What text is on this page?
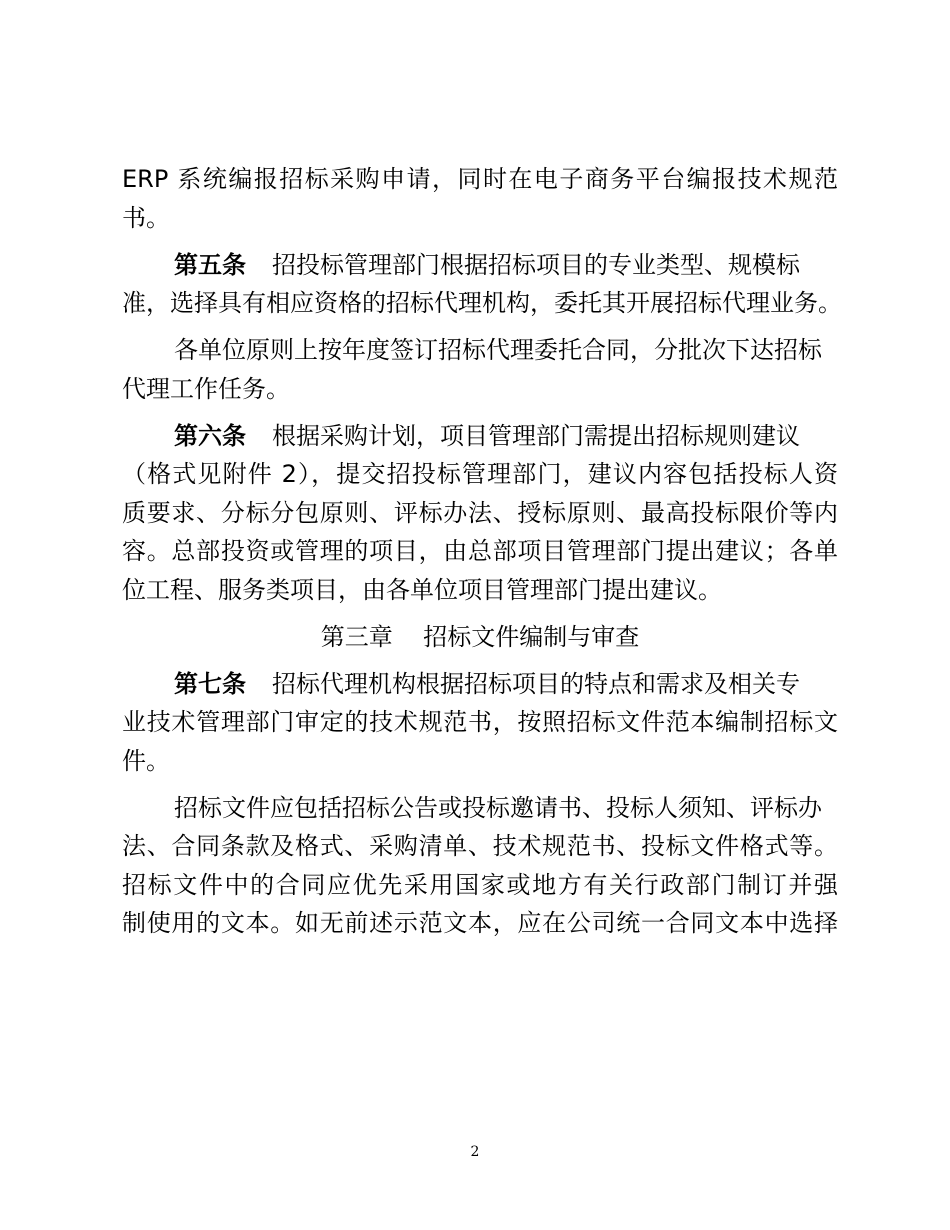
ERP 系统编报招标采购申请，同时在电子商务平台编报技术规范
书。
第五条 招投标管理部门根据招标项目的专业类型、规模标
准，选择具有相应资格的招标代理机构，委托其开展招标代理业务。
各单位原则上按年度签订招标代理委托合同，分批次下达招标
代理工作任务。
第六条 根据采购计划，项目管理部门需提出招标规则建议
（格式见附件 2），提交招投标管理部门，建议内容包括投标人资
质要求、分标分包原则、评标办法、授标原则、最高投标限价等内
容。总部投资或管理的项目，由总部项目管理部门提出建议；各单
位工程、服务类项目，由各单位项目管理部门提出建议。
第三章    招标文件编制与审查
第七条 招标代理机构根据招标项目的特点和需求及相关专
业技术管理部门审定的技术规范书，按照招标文件范本编制招标文
件。
招标文件应包括招标公告或投标邀请书、投标人须知、评标办
法、合同条款及格式、采购清单、技术规范书、投标文件格式等。
招标文件中的合同应优先采用国家或地方有关行政部门制订并强
制使用的文本。如无前述示范文本，应在公司统一合同文本中选择
2
